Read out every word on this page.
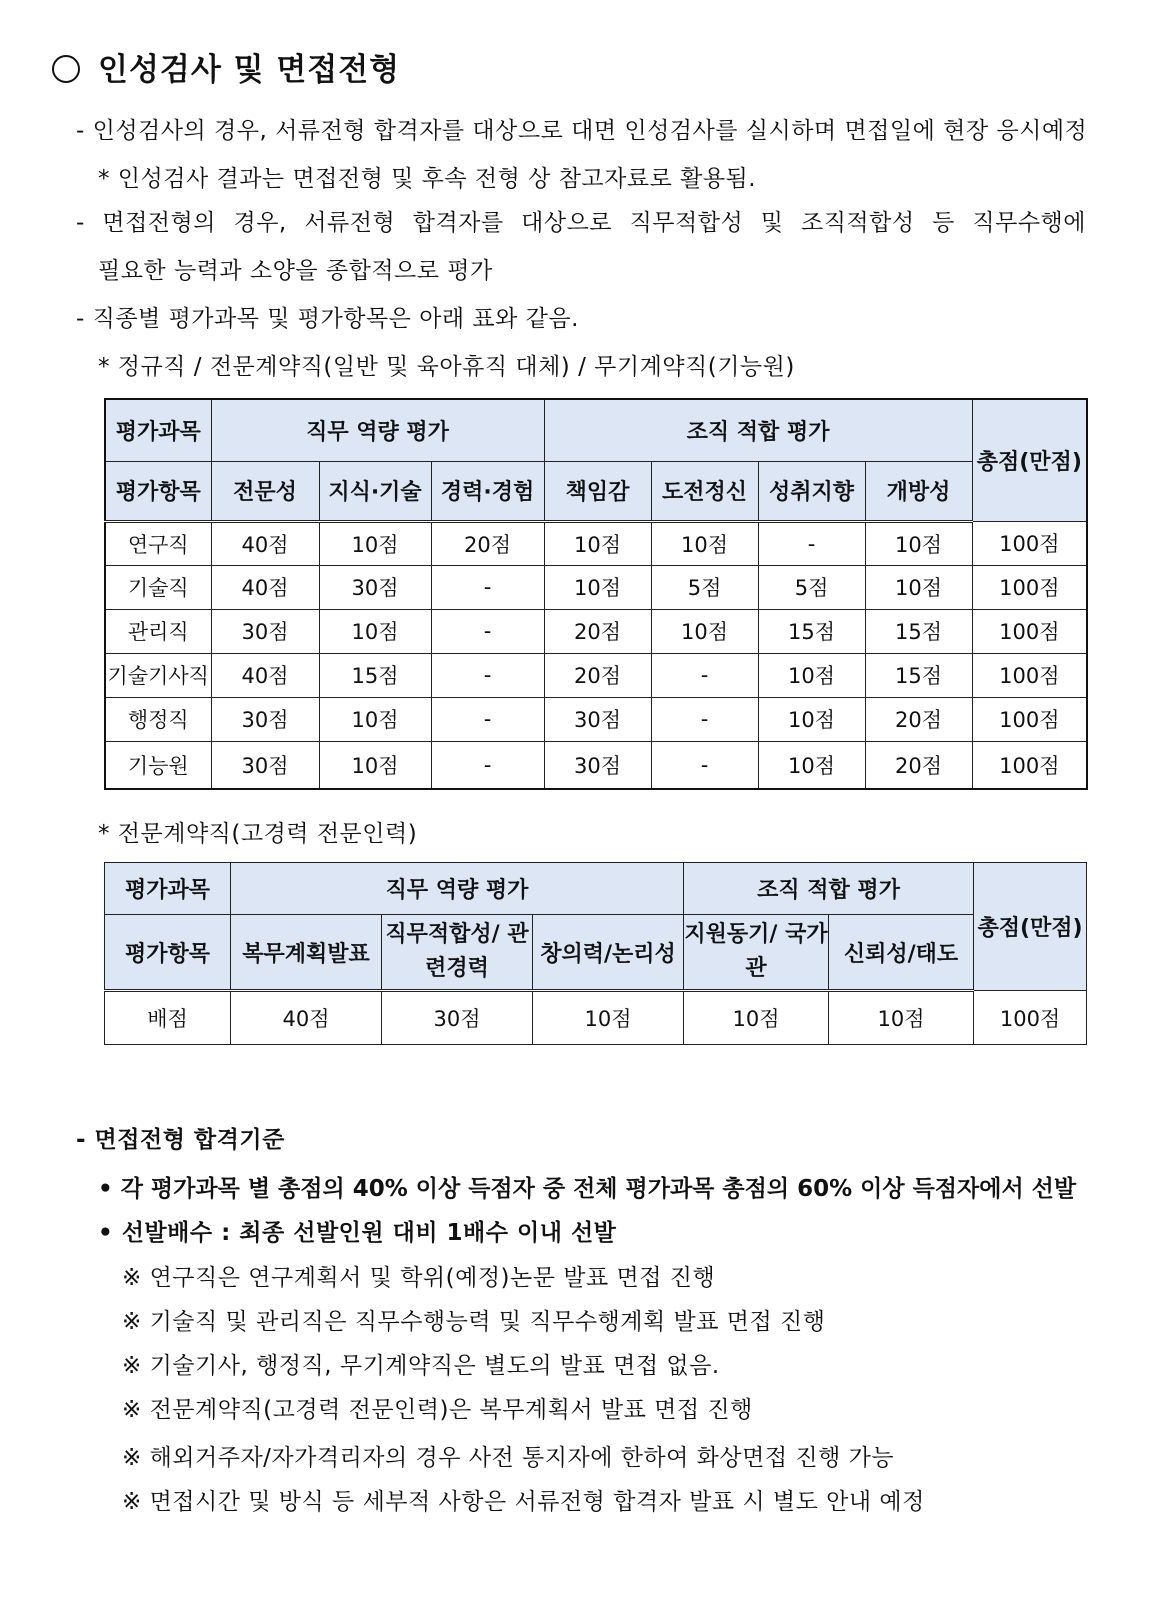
인성검사 및 면접전형
- 인성검사의 경우, 서류전형 합격자를 대상으로 대면 인성검사를 실시하며 면접일에 현장 응시예정
* 인성검사 결과는 면접전형 및 후속 전형 상 참고자료로 활용됨.
- 면접전형의 경우, 서류전형 합격자를 대상으로 직무적합성 및 조직적합성 등 직무수행에
필요한 능력과 소양을 종합적으로 평가
- 직종별 평가과목 및 평가항목은 아래 표와 같음.
* 정규직 / 전문계약직(일반 및 육아휴직 대체) / 무기계약직(기능원)
평가과목	직무 역량 평가			조직 적합 평가				총점(만점)
평가항목	전문성	지식·기술	경력·경험	책임감	도전정신	성취지향	개방성	
연구직	40점	10점	20점	10점	10점	-	10점	100점
기술직	40점	30점	-	10점	5점	5점	10점	100점
관리직	30점	10점	-	20점	10점	15점	15점	100점
기술기사직	40점	15점	-	20점	-	10점	15점	100점
행정직	30점	10점	-	30점	-	10점	20점	100점
기능원	30점	10점	-	30점	-	10점	20점	100점
* 전문계약직(고경력 전문인력)
평가과목	직무 역량 평가			조직 적합 평가		총점(만점)
평가항목	복무계획발표	직무적합성/ 관련경력	창의력/논리성	지원동기/ 국가관	신뢰성/태도	
배점	40점	30점	10점	10점	10점	100점
- 면접전형 합격기준
• 각 평가과목 별 총점의 40% 이상 득점자 중 전체 평가과목 총점의 60% 이상 득점자에서 선발
• 선발배수 : 최종 선발인원 대비 1배수 이내 선발
※ 연구직은 연구계획서 및 학위(예정)논문 발표 면접 진행
※ 기술직 및 관리직은 직무수행능력 및 직무수행계획 발표 면접 진행
※ 기술기사, 행정직, 무기계약직은 별도의 발표 면접 없음.
※ 전문계약직(고경력 전문인력)은 복무계획서 발표 면접 진행
※ 해외거주자/자가격리자의 경우 사전 통지자에 한하여 화상면접 진행 가능
※ 면접시간 및 방식 등 세부적 사항은 서류전형 합격자 발표 시 별도 안내 예정
